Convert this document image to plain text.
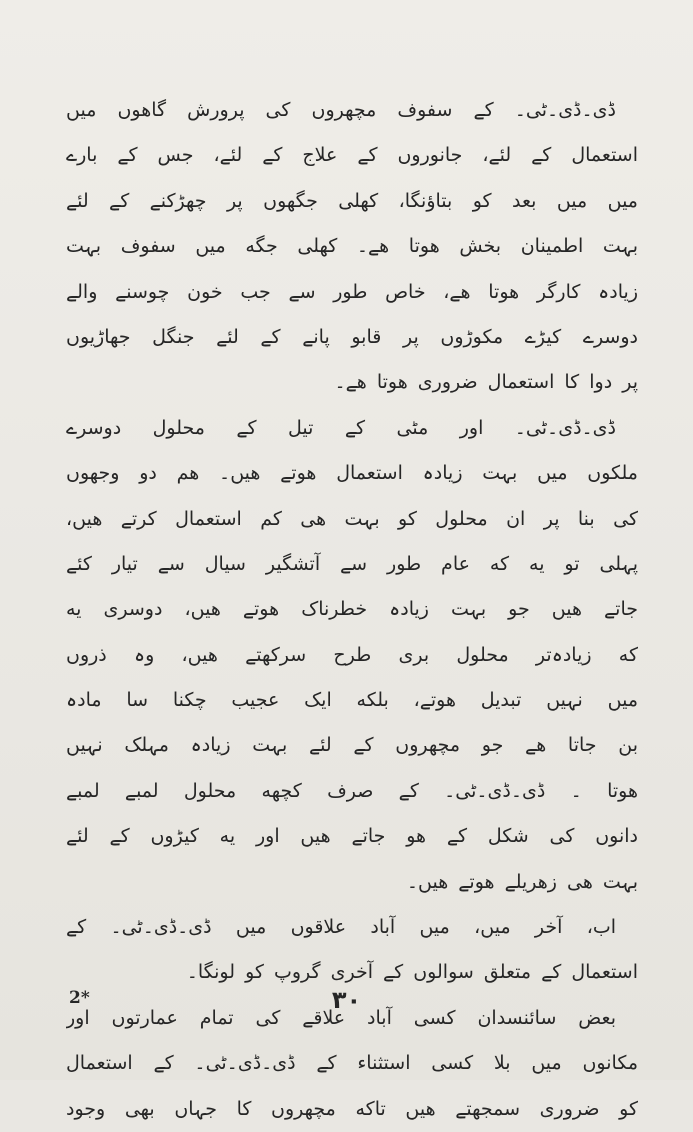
ڈی۔ڈی۔ٹی۔ کے سفوف مچھروں کی پرورش گاھوں میں
استعمال کے لئے، جانوروں کے علاج کے لئے، جس کے بارے
میں میں بعد کو بتاؤنگا، کھلی جگھوں پر چھڑکنے کے لئے
بہت اطمینان بخش ھوتا ھے۔ کھلی جگه میں سفوف بہت
زیادہ کارگر ھوتا ھے، خاص طور سے جب خون چوسنے والے
دوسرے کیڑے مکوڑوں پر قابو پانے کے لئے جنگل جھاڑیوں
پر دوا کا استعمال ضروری ھوتا ھے۔
ڈی۔ڈی۔ٹی۔ اور مٹی کے تیل کے محلول دوسرے
ملکوں میں بہت زیادہ استعمال ھوتے ھیں۔ ھم دو وجھوں
کی بنا پر ان محلول کو بہت ھی کم استعمال کرتے ھیں،
پہلی تو یه که عام طور سے آتشگیر سیال سے تیار کئے
جاتے ھیں جو بہت زیادہ خطرناک ھوتے ھیں، دوسری یه
که زیادہ‌تر محلول بری طرح سرکھتے ھیں، وہ ذروں
میں نہیں تبدیل ھوتے، بلکه ایک عجیب چکنا سا مادہ
بن جاتا ھے جو مچھروں کے لئے بہت زیادہ مہلک نہیں
ھوتا ۔ ڈی۔ڈی۔ٹی۔ کے صرف کچھه محلول لمبے لمبے
دانوں کی شکل کے ھو جاتے ھیں اور یه کیڑوں کے لئے
بہت ھی زھریلے ھوتے ھیں۔
اب، آخر میں، میں آباد علاقوں میں ڈی۔ڈی۔ٹی۔ کے
استعمال کے متعلق سوالوں کے آخری گروپ کو لونگا۔
بعض سائنسدان کسی آباد علاقے کی تمام عمارتوں اور
مکانوں میں بلا کسی استثناء کے ڈی۔ڈی۔ٹی۔ کے استعمال
کو ضروری سمجھتے ھیں تاکه مچھروں کا جہاں بھی وجود
2*	۳۰
